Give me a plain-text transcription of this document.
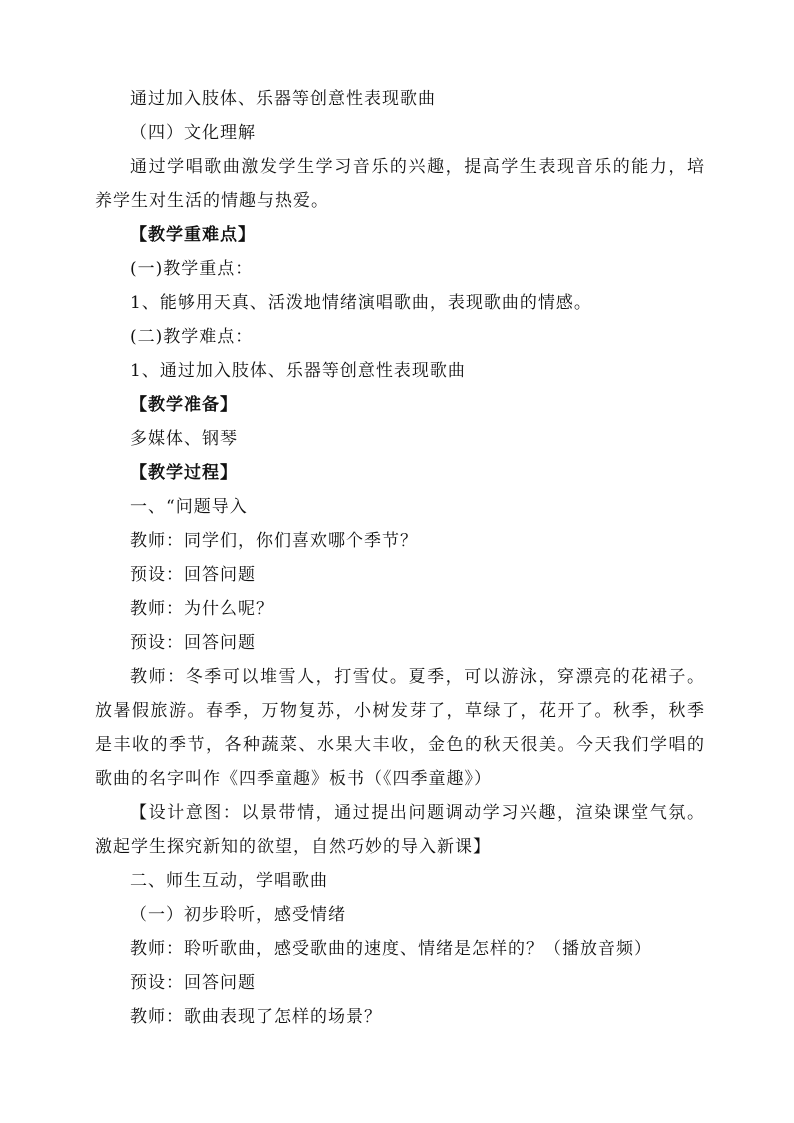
通过加入肢体、乐器等创意性表现歌曲
（四）文化理解
通过学唱歌曲激发学生学习音乐的兴趣，提高学生表现音乐的能力，培
养学生对生活的情趣与热爱。
【教学重难点】
(一)教学重点：
1、能够用天真、活泼地情绪演唱歌曲，表现歌曲的情感。
(二)教学难点：
1、通过加入肢体、乐器等创意性表现歌曲
【教学准备】
多媒体、钢琴
【教学过程】
一、“问题导入
教师：同学们，你们喜欢哪个季节？
预设：回答问题
教师：为什么呢？
预设：回答问题
教师：冬季可以堆雪人，打雪仗。夏季，可以游泳，穿漂亮的花裙子。
放暑假旅游。春季，万物复苏，小树发芽了，草绿了，花开了。秋季，秋季
是丰收的季节，各种蔬菜、水果大丰收，金色的秋天很美。今天我们学唱的
歌曲的名字叫作《四季童趣》板书（《四季童趣》）
【设计意图：以景带情，通过提出问题调动学习兴趣，渲染课堂气氛。
激起学生探究新知的欲望，自然巧妙的导入新课】
二、师生互动，学唱歌曲
（一）初步聆听，感受情绪
教师：聆听歌曲，感受歌曲的速度、情绪是怎样的？（播放音频）
预设：回答问题
教师：歌曲表现了怎样的场景？
